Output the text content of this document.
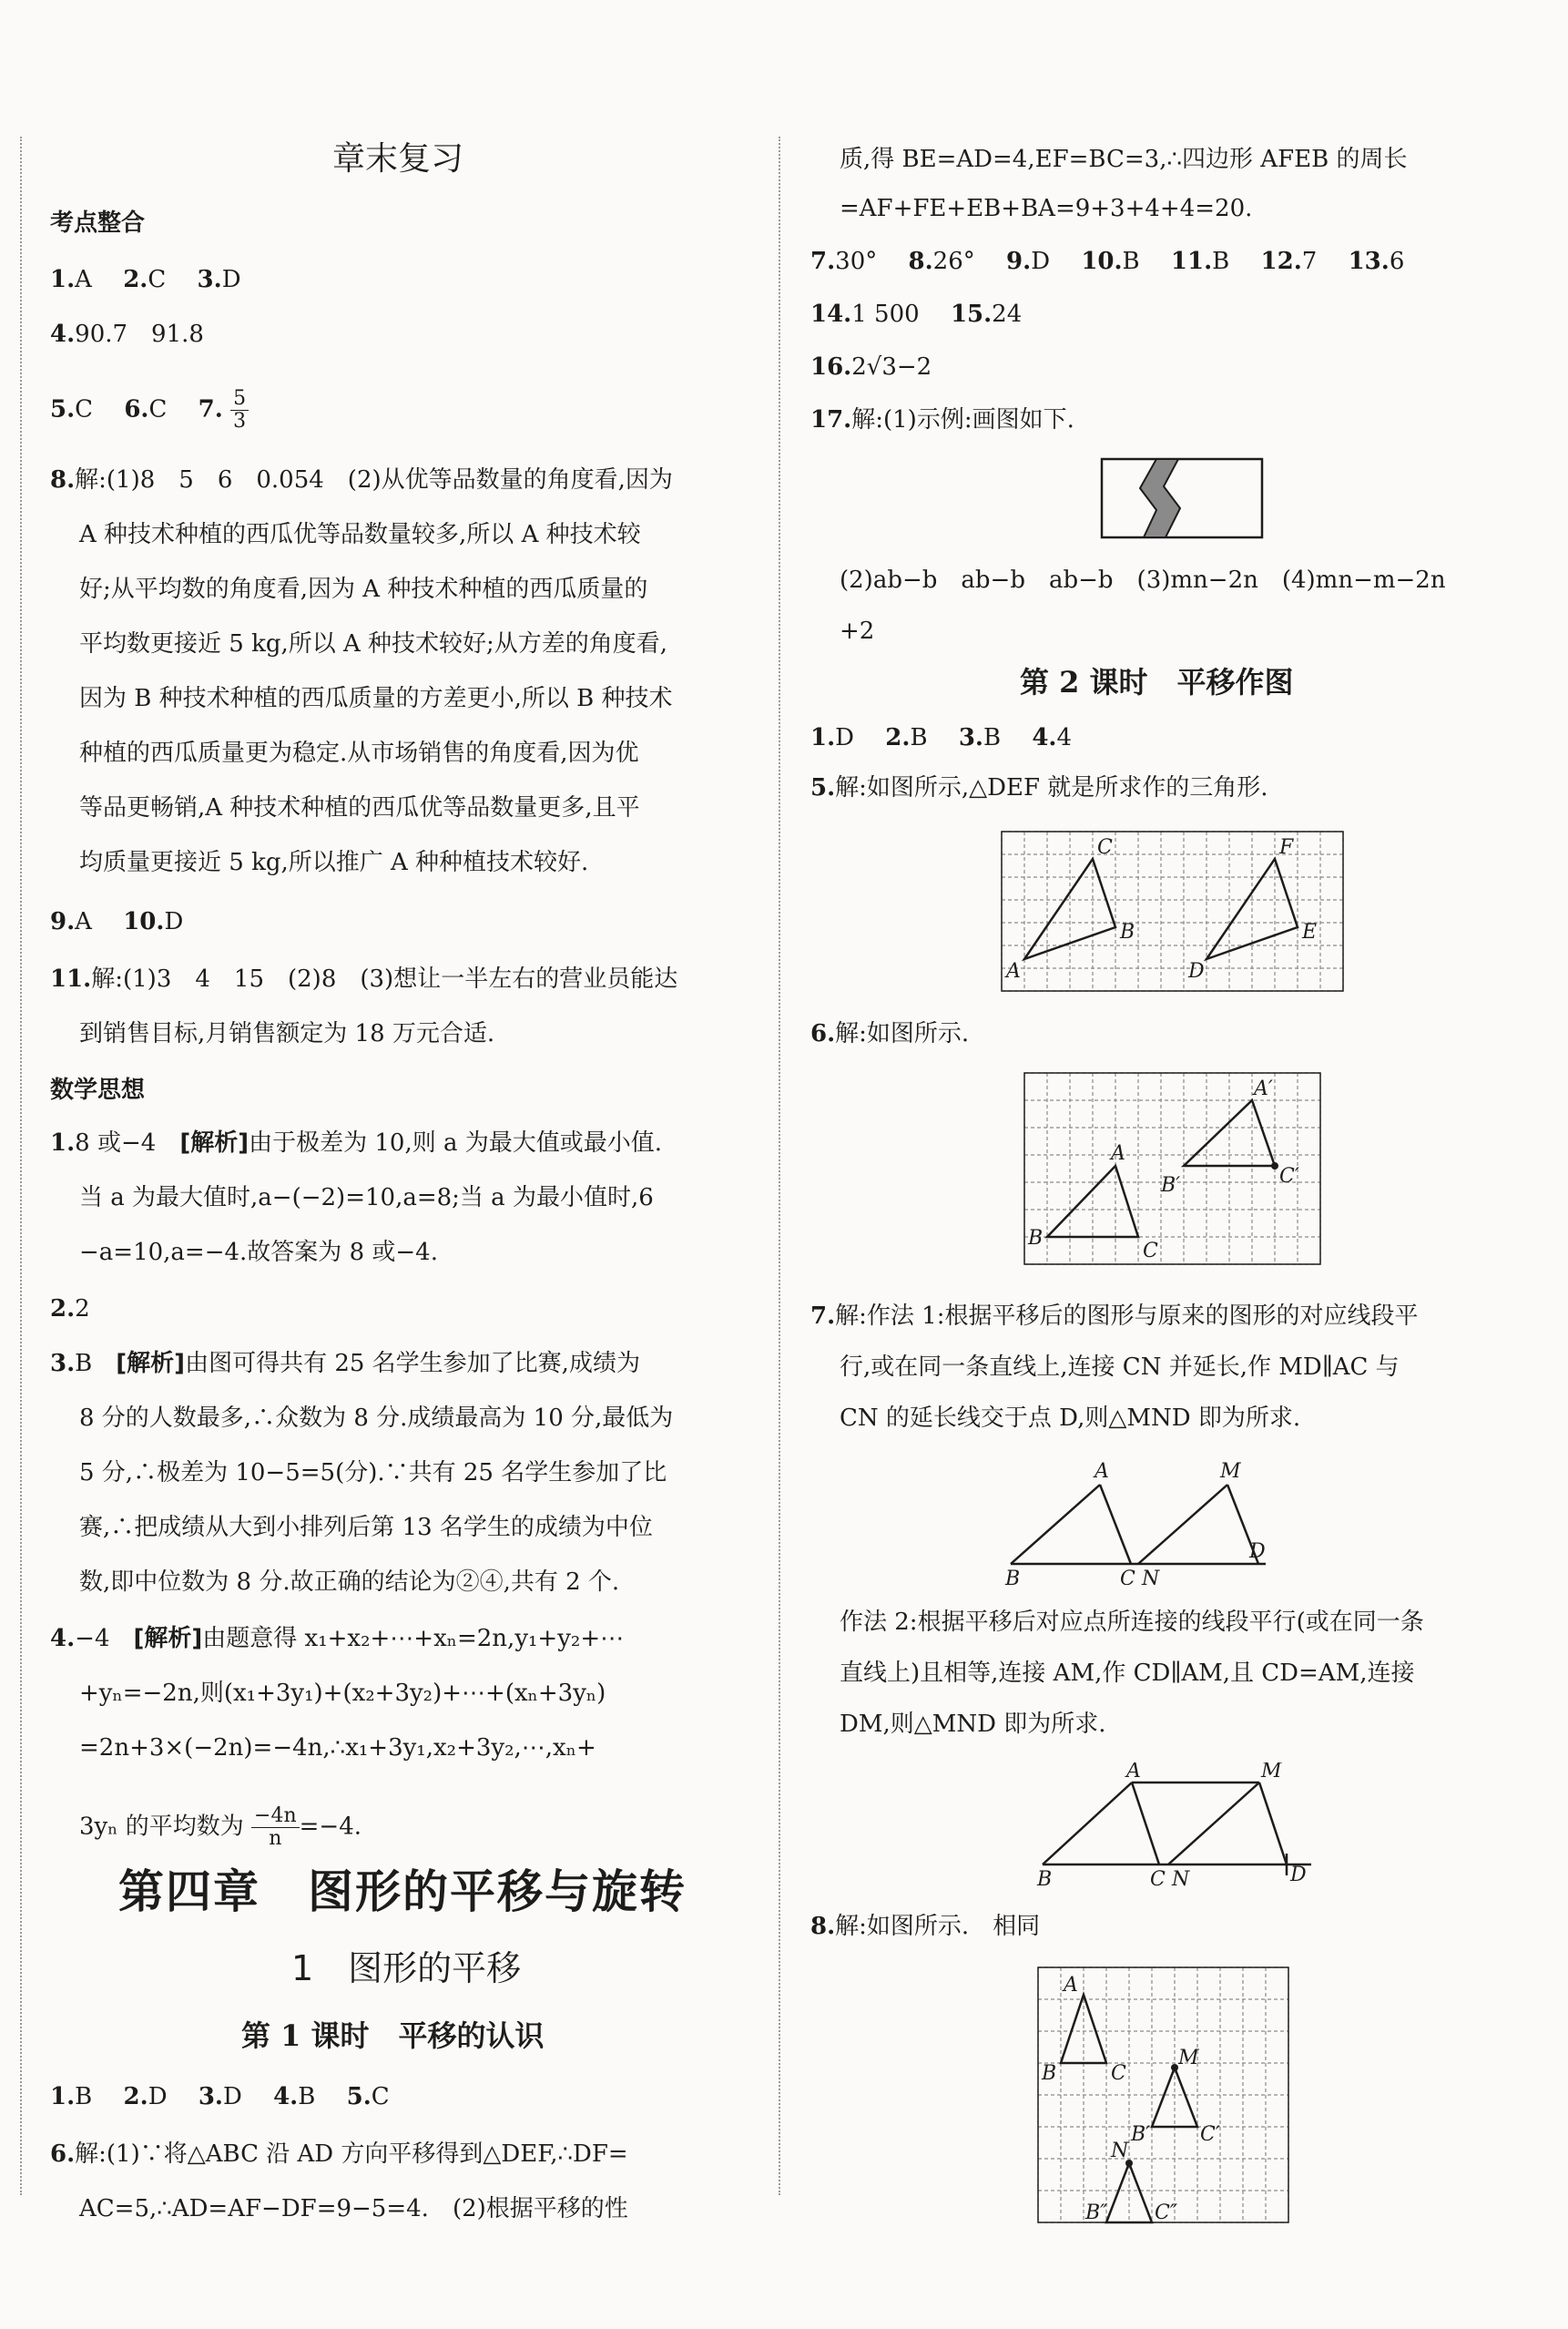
章末复习
考点整合
1.A　 2.C　 3.D
4.90.7　91.8
5.C　 6.C　 7. $\frac{5}{3}$
8.解:(1)8　5　6　0.054　(2)从优等品数量的角度看,因为
A 种技术种植的西瓜优等品数量较多,所以 A 种技术较
好;从平均数的角度看,因为 A 种技术种植的西瓜质量的
平均数更接近 5 kg,所以 A 种技术较好;从方差的角度看,
因为 B 种技术种植的西瓜质量的方差更小,所以 B 种技术
种植的西瓜质量更为稳定.从市场销售的角度看,因为优
等品更畅销,A 种技术种植的西瓜优等品数量更多,且平
均质量更接近 5 kg,所以推广 A 种种植技术较好.
9.A　 10.D
11.解:(1)3　4　15　(2)8　(3)想让一半左右的营业员能达
到销售目标,月销售额定为 18 万元合适.
数学思想
1.8 或−4　 [解析]由于极差为 10,则 a 为最大值或最小值.
当 a 为最大值时,a−(−2)=10,a=8;当 a 为最小值时,6
−a=10,a=−4.故答案为 8 或−4.
2.2
3.B　 [解析]由图可得共有 25 名学生参加了比赛,成绩为
8 分的人数最多,∴众数为 8 分.成绩最高为 10 分,最低为
5 分,∴极差为 10−5=5(分).∵共有 25 名学生参加了比
赛,∴把成绩从大到小排列后第 13 名学生的成绩为中位
数,即中位数为 8 分.故正确的结论为②④,共有 2 个.
4.−4　 [解析]由题意得 x₁+x₂+⋯+xₙ=2n,y₁+y₂+⋯
+yₙ=−2n,则(x₁+3y₁)+(x₂+3y₂)+⋯+(xₙ+3yₙ)
=2n+3×(−2n)=−4n,∴x₁+3y₁,x₂+3y₂,⋯,xₙ+
3yₙ 的平均数为 $\frac{-4n}{n} =-4$.
第四章　图形的平移与旋转
1　图形的平移
第 1 课时　平移的认识
1.B　 2.D　 3.D　 4.B　 5.C
6.解:(1)∵将△ABC 沿 AD 方向平移得到△DEF,∴DF=
AC=5,∴AD=AF−DF=9−5=4.　(2)根据平移的性
质,得 BE=AD=4,EF=BC=3,∴四边形 AFEB 的周长
=AF+FE+EB+BA=9+3+4+4=20.
7.30°　 8.26°　 9.D　 10.B　 11.B　 12.7　 13.6
14.1 500　 15.24
16.2√3−2
17.解:(1)示例:画图如下.
(2)ab−b　ab−b　ab−b　(3)mn−2n　(4)mn−m−2n
+2
第 2 课时　平移作图
1.D　 2.B　 3.B　 4.4
5.解:如图所示,△DEF 就是所求作的三角形.
C
B
A
F
E
D
6.解:如图所示.
A
B
C
A′
B′	C′
7.解:作法 1:根据平移后的图形与原来的图形的对应线段平
行,或在同一条直线上,连接 CN 并延长,作 MD∥AC 与
CN 的延长线交于点 D,则△MND 即为所求.
A	M
B	C N
D
作法 2:根据平移后对应点所连接的线段平行(或在同一条
直线上)且相等,连接 AM,作 CD∥AM,且 CD=AM,连接
DM,则△MND 即为所求.
A	M
B	C N	D
8.解:如图所示.　相同
A
B	C
M
B′ C′
N
B″ C″
